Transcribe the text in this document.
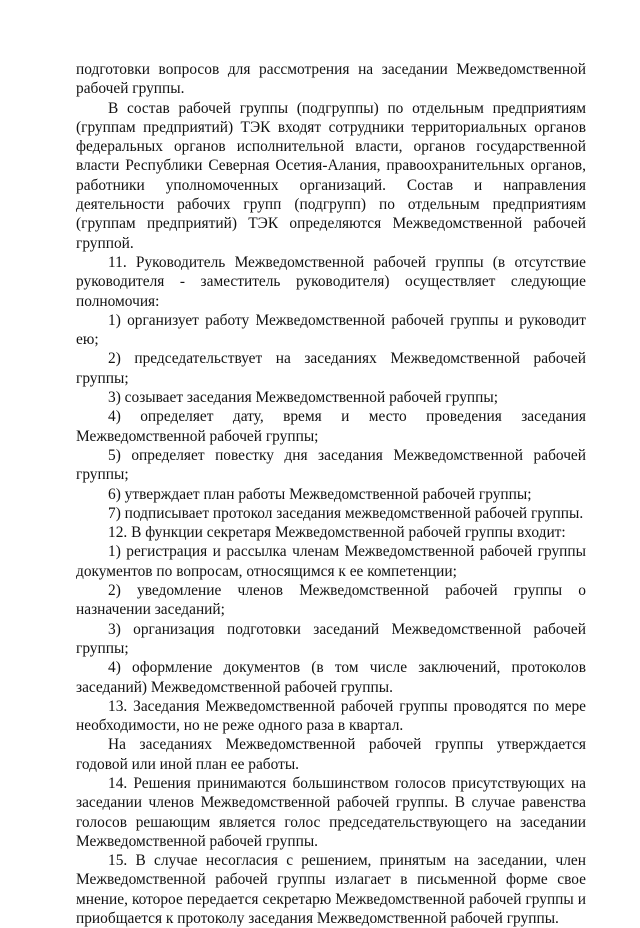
подготовки вопросов для рассмотрения на заседании Межведомственной рабочей группы.

В состав рабочей группы (подгруппы) по отдельным предприятиям (группам предприятий) ТЭК входят сотрудники территориальных органов федеральных органов исполнительной власти, органов государственной власти Республики Северная Осетия-Алания, правоохранительных органов, работники уполномоченных организаций. Состав и направления деятельности рабочих групп (подгрупп) по отдельным предприятиям (группам предприятий) ТЭК определяются Межведомственной рабочей группой.

11. Руководитель Межведомственной рабочей группы (в отсутствие руководителя - заместитель руководителя) осуществляет следующие полномочия:

1) организует работу Межведомственной рабочей группы и руководит ею;

2) председательствует на заседаниях Межведомственной рабочей группы;

3) созывает заседания Межведомственной рабочей группы;

4) определяет дату, время и место проведения заседания Межведомственной рабочей группы;

5) определяет повестку дня заседания Межведомственной рабочей группы;

6) утверждает план работы Межведомственной рабочей группы;

7) подписывает протокол заседания межведомственной рабочей группы.

12. В функции секретаря Межведомственной рабочей группы входит:

1) регистрация и рассылка членам Межведомственной рабочей группы документов по вопросам, относящимся к ее компетенции;

2) уведомление членов Межведомственной рабочей группы о назначении заседаний;

3) организация подготовки заседаний Межведомственной рабочей группы;

4) оформление документов (в том числе заключений, протоколов заседаний) Межведомственной рабочей группы.

13. Заседания Межведомственной рабочей группы проводятся по мере необходимости, но не реже одного раза в квартал.

На заседаниях Межведомственной рабочей группы утверждается годовой или иной план ее работы.

14. Решения принимаются большинством голосов присутствующих на заседании членов Межведомственной рабочей группы. В случае равенства голосов решающим является голос председательствующего на заседании Межведомственной рабочей группы.

15. В случае несогласия с решением, принятым на заседании, член Межведомственной рабочей группы излагает в письменной форме свое мнение, которое передается секретарю Межведомственной рабочей группы и приобщается к протоколу заседания Межведомственной рабочей группы.
